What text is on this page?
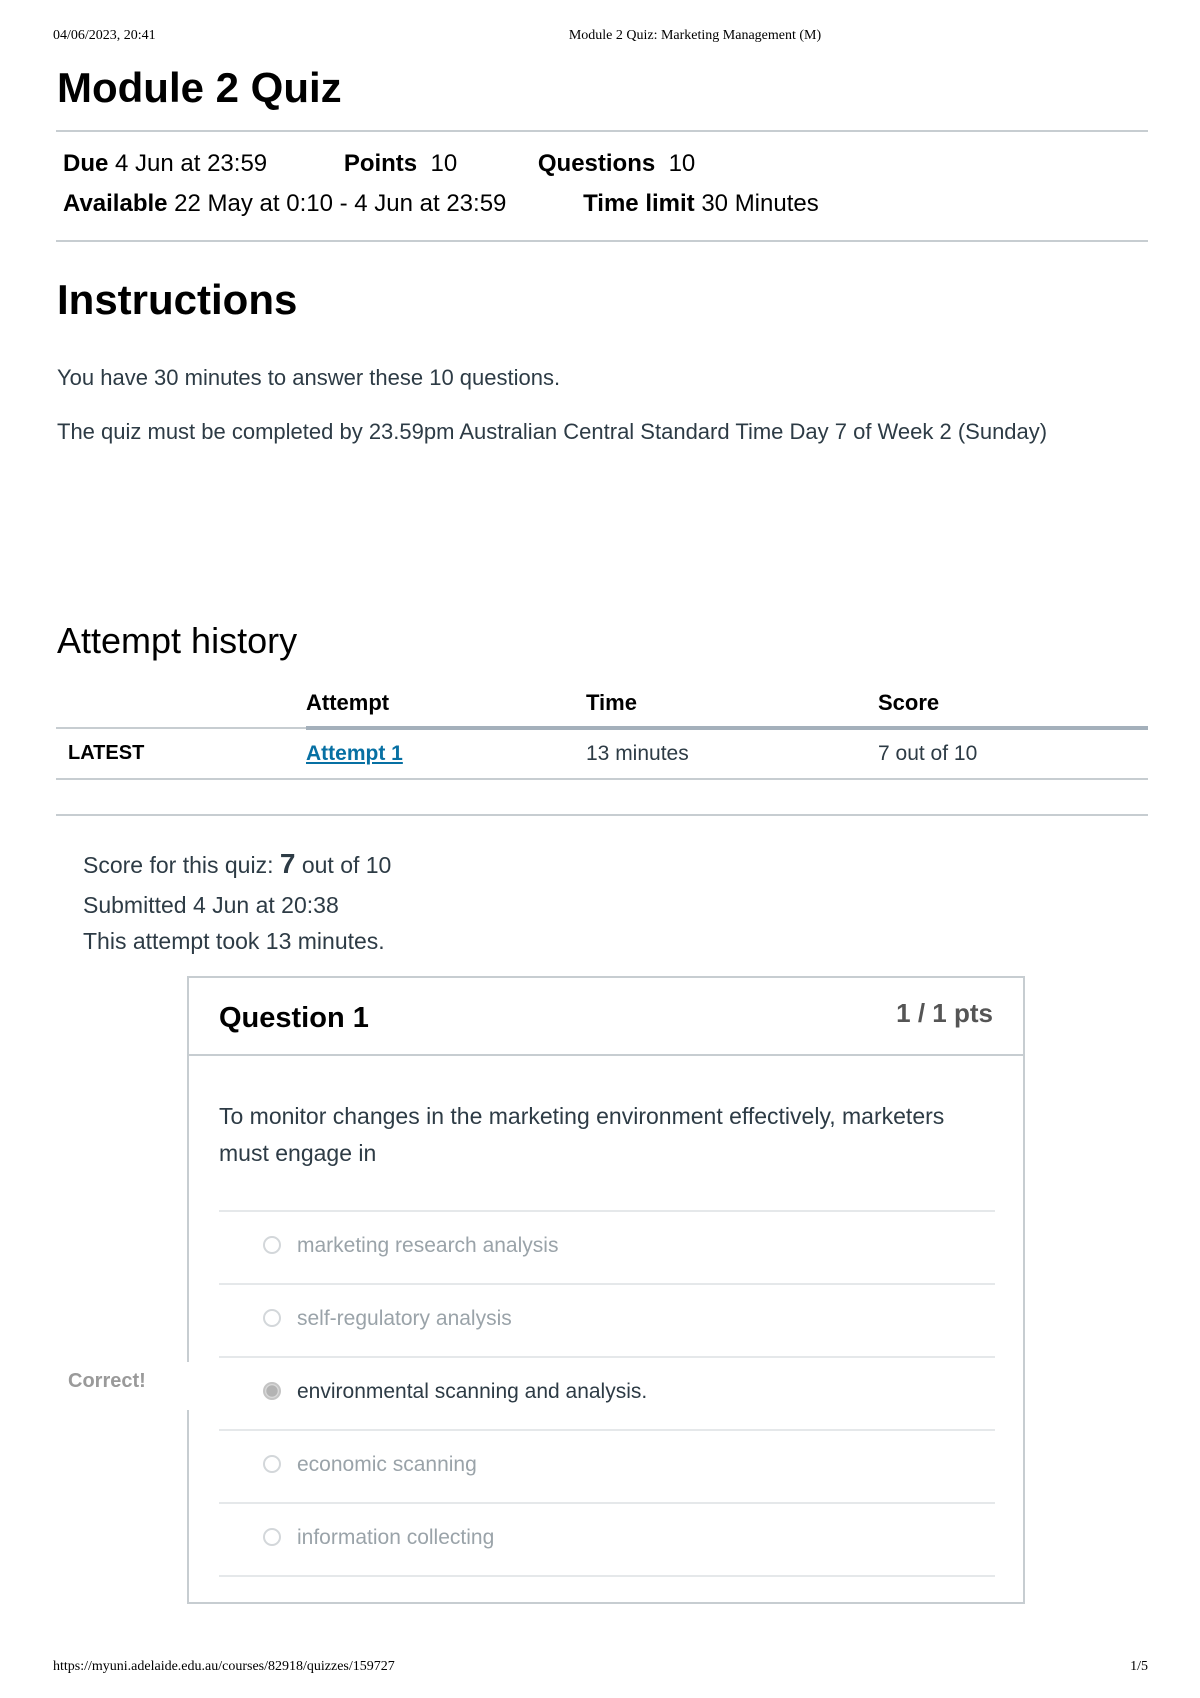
04/06/2023, 20:41	Module 2 Quiz: Marketing Management (M)
Module 2 Quiz
Due 4 Jun at 23:59	Points 10	Questions 10
Available 22 May at 0:10 - 4 Jun at 23:59	Time limit 30 Minutes
Instructions
You have 30 minutes to answer these 10 questions.
The quiz must be completed by 23.59pm Australian Central Standard Time Day 7 of Week 2 (Sunday)
Attempt history
	Attempt	Time	Score
LATEST	Attempt 1	13 minutes	7 out of 10
Score for this quiz: 7 out of 10
Submitted 4 Jun at 20:38
This attempt took 13 minutes.
Question 1	1 / 1 pts
To monitor changes in the marketing environment effectively, marketers must engage in
marketing research analysis
self-regulatory analysis
environmental scanning and analysis.
economic scanning
information collecting
Correct!
https://myuni.adelaide.edu.au/courses/82918/quizzes/159727	1/5
